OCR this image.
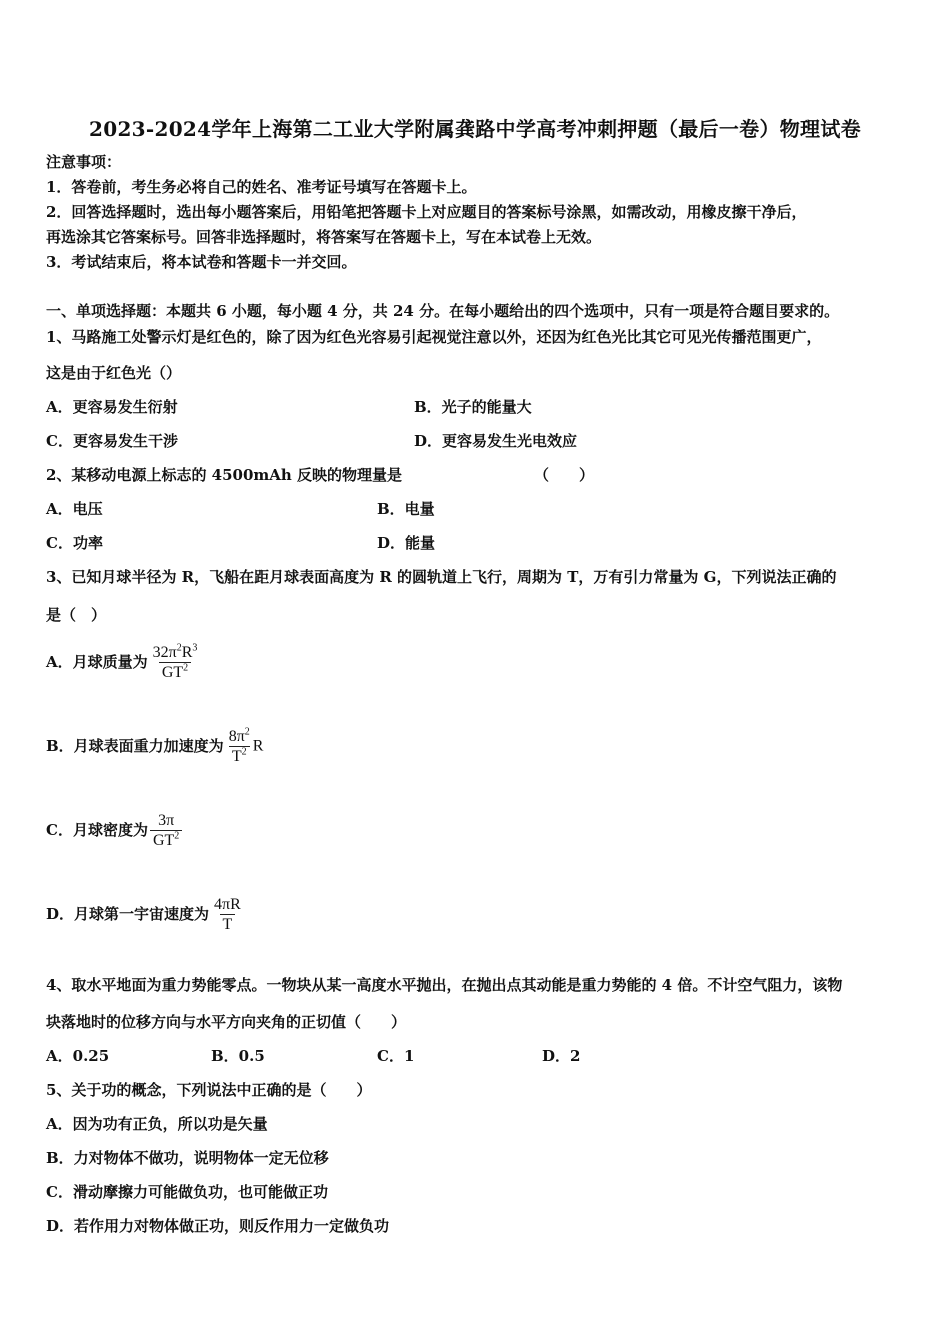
2023-2024学年上海第二工业大学附属龚路中学高考冲刺押题（最后一卷）物理试卷
注意事项：
1．答卷前，考生务必将自己的姓名、准考证号填写在答题卡上。
2．回答选择题时，选出每小题答案后，用铅笔把答题卡上对应题目的答案标号涂黑，如需改动，用橡皮擦干净后，
再选涂其它答案标号。回答非选择题时，将答案写在答题卡上，写在本试卷上无效。
3．考试结束后，将本试卷和答题卡一并交回。
一、单项选择题：本题共 6 小题，每小题 4 分，共 24 分。在每小题给出的四个选项中，只有一项是符合题目要求的。
1、马路施工处警示灯是红色的，除了因为红色光容易引起视觉注意以外，还因为红色光比其它可见光传播范围更广，
这是由于红色光（）
A．更容易发生衍射	B．光子的能量大
C．更容易发生干涉	D．更容易发生光电效应
2、某移动电源上标志的 4500mAh 反映的物理量是	（　　）
A．电压	B．电量
C．功率	D．能量
3、已知月球半径为 R，飞船在距月球表面高度为 R 的圆轨道上飞行，周期为 T，万有引力常量为 G，下列说法正确的
是（　）
A．月球质量为 $\frac{32\pi^2R^3}{GT^2}$
B．月球表面重力加速度为 $\frac{8\pi^2}{T^2}$ R
C．月球密度为 $\frac{3\pi}{GT^2}$
D．月球第一宇宙速度为 $\frac{4\pi R}{T}$
4、取水平地面为重力势能零点。一物块从某一高度水平抛出，在抛出点其动能是重力势能的 4 倍。不计空气阻力，该物
块落地时的位移方向与水平方向夹角的正切值（　　）
A．0.25	B．0.5	C．1	D．2
5、关于功的概念，下列说法中正确的是（　　）
A．因为功有正负，所以功是矢量
B．力对物体不做功，说明物体一定无位移
C．滑动摩擦力可能做负功，也可能做正功
D．若作用力对物体做正功，则反作用力一定做负功
